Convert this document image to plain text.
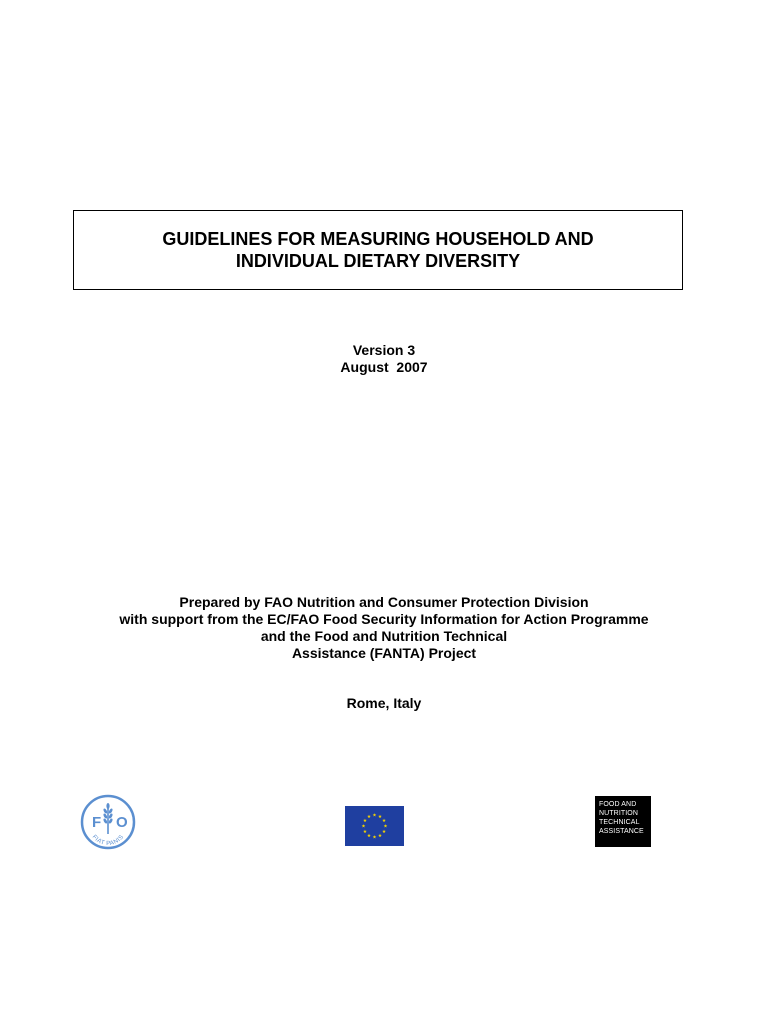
GUIDELINES FOR MEASURING HOUSEHOLD AND
INDIVIDUAL DIETARY DIVERSITY
Version 3
August  2007
Prepared by FAO Nutrition and Consumer Protection Division
with support from the EC/FAO Food Security Information for Action Programme
and the Food and Nutrition Technical
Assistance (FANTA) Project
Rome, Italy
F O
FIAT PANIS
FOOD AND
NUTRITION
TECHNICAL
ASSISTANCE
